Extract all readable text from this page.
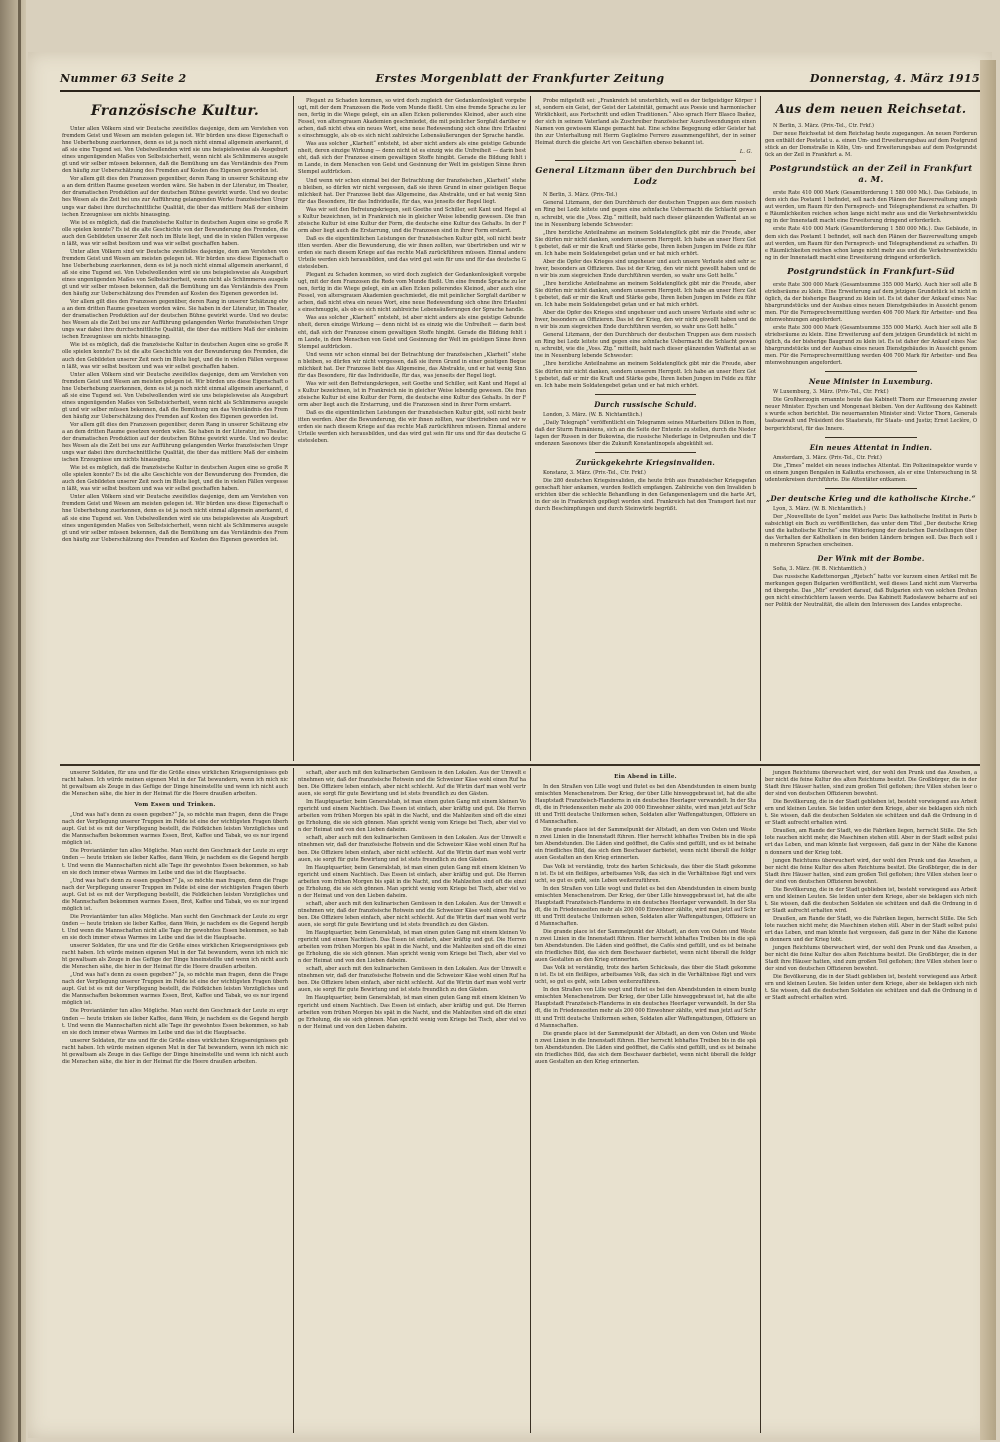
Nummer 63 Seite 2	Erstes Morgenblatt der Frankfurter Zeitung	Donnerstag, 4. März 1915
Französische Kultur.

Unter allen Völkern sind wir Deutsche zweifellos dasjenige, dem am Verstehen von fremdem Geist und Wesen am meisten gelegen ist. Wir bürden uns diese Eigenschaft ohne Ueberhebung zuerkennen, denn es ist ja noch nicht einmal allgemein anerkannt, daß sie eine Tugend sei. Von Uebelwollenden wird sie uns beispielsweise als Ausgeburt eines ungenügenden Maßes von Selbstsicherheit, wenn nicht als Schlimmeres ausgelegt und wir selber müssen bekennen, daß die Bemühung um das Verständnis des Fremden häufig zur Ueberschätzung des Fremden auf Kosten des Eigenen geworden ist.

Vor allem gilt dies den Franzosen gegenüber, deren Rang in unserer Schätzung etwa an dem dritten Raume gesetzen worden wäre. Sie haben in der Literatur, im Theater, der dramatischen Produktion auf der deutschen Bühne gewirkt wurde. Und wo deutsches Wesen als die Zeit bei uns zur Aufführung gelangenden Werke französischen Ursprungs war dabei ihre durchschnittliche Qualität, die über das mittlere Maß der einheimischen Erzeugnisse um nichts hinausging.

Wie ist es möglich, daß die französische Kultur in deutschen Augen eine so große Rolle spielen konnte? Es ist die alte Geschichte von der Bewunderung des Fremden, die auch den Gebildeten unserer Zeit noch im Blute liegt, und die in vielen Fällen vergessen läßt, was wir selbst besitzen und was wir selbst geschaffen haben.

Unter allen Völkern sind wir Deutsche zweifellos dasjenige, dem am Verstehen von fremdem Geist und Wesen am meisten gelegen ist. Wir bürden uns diese Eigenschaft ohne Ueberhebung zuerkennen, denn es ist ja noch nicht einmal allgemein anerkannt, daß sie eine Tugend sei. Von Uebelwollenden wird sie uns beispielsweise als Ausgeburt eines ungenügenden Maßes von Selbstsicherheit, wenn nicht als Schlimmeres ausgelegt und wir selber müssen bekennen, daß die Bemühung um das Verständnis des Fremden häufig zur Ueberschätzung des Fremden auf Kosten des Eigenen geworden ist.

Vor allem gilt dies den Franzosen gegenüber, deren Rang in unserer Schätzung etwa an dem dritten Raume gesetzen worden wäre. Sie haben in der Literatur, im Theater, der dramatischen Produktion auf der deutschen Bühne gewirkt wurde. Und wo deutsches Wesen als die Zeit bei uns zur Aufführung gelangenden Werke französischen Ursprungs war dabei ihre durchschnittliche Qualität, die über das mittlere Maß der einheimischen Erzeugnisse um nichts hinausging.

Wie ist es möglich, daß die französische Kultur in deutschen Augen eine so große Rolle spielen konnte? Es ist die alte Geschichte von der Bewunderung des Fremden, die auch den Gebildeten unserer Zeit noch im Blute liegt, und die in vielen Fällen vergessen läßt, was wir selbst besitzen und was wir selbst geschaffen haben.

Unter allen Völkern sind wir Deutsche zweifellos dasjenige, dem am Verstehen von fremdem Geist und Wesen am meisten gelegen ist. Wir bürden uns diese Eigenschaft ohne Ueberhebung zuerkennen, denn es ist ja noch nicht einmal allgemein anerkannt, daß sie eine Tugend sei. Von Uebelwollenden wird sie uns beispielsweise als Ausgeburt eines ungenügenden Maßes von Selbstsicherheit, wenn nicht als Schlimmeres ausgelegt und wir selber müssen bekennen, daß die Bemühung um das Verständnis des Fremden häufig zur Ueberschätzung des Fremden auf Kosten des Eigenen geworden ist.

Vor allem gilt dies den Franzosen gegenüber, deren Rang in unserer Schätzung etwa an dem dritten Raume gesetzen worden wäre. Sie haben in der Literatur, im Theater, der dramatischen Produktion auf der deutschen Bühne gewirkt wurde. Und wo deutsches Wesen als die Zeit bei uns zur Aufführung gelangenden Werke französischen Ursprungs war dabei ihre durchschnittliche Qualität, die über das mittlere Maß der einheimischen Erzeugnisse um nichts hinausging.

Wie ist es möglich, daß die französische Kultur in deutschen Augen eine so große Rolle spielen konnte? Es ist die alte Geschichte von der Bewunderung des Fremden, die auch den Gebildeten unserer Zeit noch im Blute liegt, und die in vielen Fällen vergessen läßt, was wir selbst besitzen und was wir selbst geschaffen haben.

Unter allen Völkern sind wir Deutsche zweifellos dasjenige, dem am Verstehen von fremdem Geist und Wesen am meisten gelegen ist. Wir bürden uns diese Eigenschaft ohne Ueberhebung zuerkennen, denn es ist ja noch nicht einmal allgemein anerkannt, daß sie eine Tugend sei. Von Uebelwollenden wird sie uns beispielsweise als Ausgeburt eines ungenügenden Maßes von Selbstsicherheit, wenn nicht als Schlimmeres ausgelegt und wir selber müssen bekennen, daß die Bemühung um das Verständnis des Fremden häufig zur Ueberschätzung des Fremden auf Kosten des Eigenen geworden ist.

Plegant zu Schaden kommen, so wird doch zugleich der Gedankenlosigkeit vorgebeugt, mit der dem Franzosen die Rede vom Munde fließt. Um eine fremde Sprache zu lernen, fertig in die Wiege gelegt, ein an allen Ecken polierendes Kleinod, aber auch eine Fessel, von altersgrauen Akademien geschmiedet, die mit peinlicher Sorgfalt darüber wachen, daß nicht etwa ein neues Wort, eine neue Redewendung sich ohne ihre Erlaubnis einschmuggle, als ob es sich nicht zahlreiche Lebensäußerungen der Sprache handle.

Was aus solcher „Klarheit“ entsteht, ist aber nicht anders als eine geistige Gebundenheit, deren einzige Wirkung — denn nicht ist es einzig wie die Unfreiheit — darin besteht, daß sich der Franzose einem gewaltigen Stoffe hingibt. Gerade die Bildung fehlt im Lande, in dem Menschen von Geist und Gesinnung der Welt im geistigen Sinne ihren Stempel aufdrücken.

Und wenn wir schon einmal bei der Betrachtung der französischen „Klarheit“ stehen bleiben, so dürfen wir nicht vergessen, daß sie ihren Grund in einer geistigen Bequemlichkeit hat. Der Franzose liebt das Allgemeine, das Abstrakte, und er hat wenig Sinn für das Besondere, für das Individuelle, für das, was jenseits der Regel liegt.

Was wir seit den Befreiungskriegen, seit Goethe und Schiller, seit Kant und Hegel als Kultur bezeichnen, ist in Frankreich nie in gleicher Weise lebendig gewesen. Die französische Kultur ist eine Kultur der Form, die deutsche eine Kultur des Gehalts. In der Form aber liegt auch die Erstarrung, und die Franzosen sind in ihrer Form erstarrt.

Daß es die eigentümlichen Leistungen der französischen Kultur gibt, soll nicht bestritten werden. Aber die Bewunderung, die wir ihnen zollten, war übertrieben und wir werden sie nach diesem Kriege auf das rechte Maß zurückführen müssen. Einmal andere Urteile werden sich herausbilden, und das wird gut sein für uns und für das deutsche Geistesleben.

Plegant zu Schaden kommen, so wird doch zugleich der Gedankenlosigkeit vorgebeugt, mit der dem Franzosen die Rede vom Munde fließt. Um eine fremde Sprache zu lernen, fertig in die Wiege gelegt, ein an allen Ecken polierendes Kleinod, aber auch eine Fessel, von altersgrauen Akademien geschmiedet, die mit peinlicher Sorgfalt darüber wachen, daß nicht etwa ein neues Wort, eine neue Redewendung sich ohne ihre Erlaubnis einschmuggle, als ob es sich nicht zahlreiche Lebensäußerungen der Sprache handle.

Was aus solcher „Klarheit“ entsteht, ist aber nicht anders als eine geistige Gebundenheit, deren einzige Wirkung — denn nicht ist es einzig wie die Unfreiheit — darin besteht, daß sich der Franzose einem gewaltigen Stoffe hingibt. Gerade die Bildung fehlt im Lande, in dem Menschen von Geist und Gesinnung der Welt im geistigen Sinne ihren Stempel aufdrücken.

Und wenn wir schon einmal bei der Betrachtung der französischen „Klarheit“ stehen bleiben, so dürfen wir nicht vergessen, daß sie ihren Grund in einer geistigen Bequemlichkeit hat. Der Franzose liebt das Allgemeine, das Abstrakte, und er hat wenig Sinn für das Besondere, für das Individuelle, für das, was jenseits der Regel liegt.

Was wir seit den Befreiungskriegen, seit Goethe und Schiller, seit Kant und Hegel als Kultur bezeichnen, ist in Frankreich nie in gleicher Weise lebendig gewesen. Die französische Kultur ist eine Kultur der Form, die deutsche eine Kultur des Gehalts. In der Form aber liegt auch die Erstarrung, und die Franzosen sind in ihrer Form erstarrt.

Daß es die eigentümlichen Leistungen der französischen Kultur gibt, soll nicht bestritten werden. Aber die Bewunderung, die wir ihnen zollten, war übertrieben und wir werden sie nach diesem Kriege auf das rechte Maß zurückführen müssen. Einmal andere Urteile werden sich herausbilden, und das wird gut sein für uns und für das deutsche Geistesleben.

Probe mitgeteilt sei: „Frankreich ist unsterblich, weil es der tiefgeistiger Körper ist, sondern ein Geist, der Geist der Lateinität, gemacht aus Poesie und harmonischer Wirklichkeit, aus Fortschritt und edlen Traditionen.“ Also sprach Herr Blasco Ibañez, der sich in seinem Vaterland als Zuschreiber französischer Ausrufswendungen einen Namen von gewissem Klange gemacht hat. Eine schöne Begegnung edler Geister hat ihn zur Unterhaltung mit Herrn Guglielmo Ferrero zusammengeführt, der in seiner Heimat durch die gleiche Art von Geschäften ebenso bekannt ist.

L. G.

General Litzmann über den Durchbruch bei Lodz

N Berlin, 3. März. (Priv.-Tel.)

General Litzmann, der den Durchbruch der deutschen Truppen aus dem russischen Ring bei Lodz leitete und gegen eine zehnfache Uebermacht die Schlacht gewann, schreibt, wie die „Voss. Ztg.“ mitteilt, bald nach dieser glänzenden Waffentat an seine in Neuenburg lebende Schwester:

„Ihre herzliche Anteilnahme an meinem Soldatenglück gibt mir die Freude, aber Sie dürfen mir nicht danken, sondern unserem Herrgott. Ich habe an unser Herz Gott gebetet, daß er mir die Kraft und Stärke gebe, Ihren lieben Jungen im Felde zu führen. Ich habe mein Soldatengebet getan und er hat mich erhört.

Aber die Opfer des Krieges sind ungeheuer und auch unsere Verluste sind sehr schwer, besonders an Offizieren. Das ist der Krieg, den wir nicht gewollt haben und den wir bis zum siegreichen Ende durchführen werden, so wahr uns Gott helfe.“

„Ihre herzliche Anteilnahme an meinem Soldatenglück gibt mir die Freude, aber Sie dürfen mir nicht danken, sondern unserem Herrgott. Ich habe an unser Herz Gott gebetet, daß er mir die Kraft und Stärke gebe, Ihren lieben Jungen im Felde zu führen. Ich habe mein Soldatengebet getan und er hat mich erhört.

Aber die Opfer des Krieges sind ungeheuer und auch unsere Verluste sind sehr schwer, besonders an Offizieren. Das ist der Krieg, den wir nicht gewollt haben und den wir bis zum siegreichen Ende durchführen werden, so wahr uns Gott helfe.“

General Litzmann, der den Durchbruch der deutschen Truppen aus dem russischen Ring bei Lodz leitete und gegen eine zehnfache Uebermacht die Schlacht gewann, schreibt, wie die „Voss. Ztg.“ mitteilt, bald nach dieser glänzenden Waffentat an seine in Neuenburg lebende Schwester:

„Ihre herzliche Anteilnahme an meinem Soldatenglück gibt mir die Freude, aber Sie dürfen mir nicht danken, sondern unserem Herrgott. Ich habe an unser Herz Gott gebetet, daß er mir die Kraft und Stärke gebe, Ihren lieben Jungen im Felde zu führen. Ich habe mein Soldatengebet getan und er hat mich erhört.

Durch russische Schuld.

London, 3. März. (W. B. Nichtamtlich.)

„Daily Telegraph“ veröffentlicht ein Telegramm seines Mitarbeiters Dillon in Rom, daß der Sturm Rumäniens, sich an die Seite der Entente zu stellen, durch die Niederlagen der Russen in der Bukowina, die russische Niederlage in Ostpreußen und die Tendenzen Sasonows über die Zukunft Konstantinopels abgekühlt sei.

Zurückgekehrte Kriegsinvaliden.

Konstanz, 3. März. (Priv.-Tel., Ctr. Frkf.)

Die 280 deutschen Kriegsinvaliden, die heute früh aus französischer Kriegsgefangenschaft hier ankamen, wurden festlich empfangen. Zahlreiche von den Invaliden berichten über die schlechte Behandlung in den Gefangenenlagern und die harte Art, in der sie in Frankreich gepflegt worden sind. Frankreich hat den Transport fast nur durch Beschimpfungen und durch Steinwürfe begrüßt.

Aus dem neuen Reichsetat.

N Berlin, 3. März. (Priv.-Tel., Ctr. Frkf.)

Der neue Reichsetat ist dem Reichstag heute zugegangen. An neuen Forderungen enthält der Postetat u. a. einen Um- und Erweiterungsbau auf dem Postgrundstück an der Domstraße in Köln, Um- und Erweiterungsbau auf dem Postgrundstück an der Zeil in Frankfurt a. M.

Postgrundstück an der Zeil in Frankfurt a. M.

erste Rate 410 000 Mark (Gesamtforderung 1 580 000 Mk.). Das Gebäude, in dem sich das Postamt 1 befindet, soll nach den Plänen der Bauverwaltung umgebaut werden, um Raum für den Fernsprech- und Telegraphendienst zu schaffen. Die Räumlichkeiten reichen schon lange nicht mehr aus und die Verkehrsentwicklung in der Innenstadt macht eine Erweiterung dringend erforderlich.

erste Rate 410 000 Mark (Gesamtforderung 1 580 000 Mk.). Das Gebäude, in dem sich das Postamt 1 befindet, soll nach den Plänen der Bauverwaltung umgebaut werden, um Raum für den Fernsprech- und Telegraphendienst zu schaffen. Die Räumlichkeiten reichen schon lange nicht mehr aus und die Verkehrsentwicklung in der Innenstadt macht eine Erweiterung dringend erforderlich.

Postgrundstück in Frankfurt-Süd

erste Rate 300 000 Mark (Gesamtsumme 355 000 Mark). Auch hier soll alle Betriebsräume zu klein. Eine Erweiterung auf dem jetzigen Grundstück ist nicht möglich, da der bisherige Baugrund zu klein ist. Es ist daher der Ankauf eines Nachbargrundstücks und der Ausbau eines neuen Dienstgebäudes in Aussicht genommen. Für die Fernsprechvermittlung werden 406 700 Mark für Arbeiter- und Beamtenwohnungen angefordert.

erste Rate 300 000 Mark (Gesamtsumme 355 000 Mark). Auch hier soll alle Betriebsräume zu klein. Eine Erweiterung auf dem jetzigen Grundstück ist nicht möglich, da der bisherige Baugrund zu klein ist. Es ist daher der Ankauf eines Nachbargrundstücks und der Ausbau eines neuen Dienstgebäudes in Aussicht genommen. Für die Fernsprechvermittlung werden 406 700 Mark für Arbeiter- und Beamtenwohnungen angefordert.

Neue Minister in Luxemburg.

W Luxemburg, 3. März. (Priv.-Tel., Ctr. Frkf.)

Die Großherzogin ernannte heute das Kabinett Thorn zur Erneuerung zweier neuer Minister. Eyschen und Mongenast bleiben. Von der Auflösung des Kabinetts wurde schon berichtet. Die neuernannten Minister sind: Victor Thorn, Generalstaatsanwalt und Präsident des Staatsrats, für Staats- und Justiz; Ernst Leclère, Obergerichtsrat, für das Innere.

Ein neues Attentat in Indien.

Amsterdam, 3. März. (Priv.-Tel., Ctr. Frkf.)

Die „Times“ meldet ein neues indisches Attentat. Ein Polizeiinspektor wurde von einem jungen Bengalen in Kalkutta erschossen, als er eine Untersuchung in Studentenkreisen durchführte. Die Attentäter entkamen.

„Der deutsche Krieg und die katholische Kirche.“

Lyon, 3. März. (W. B. Nichtamtlich.)

Der „Nouvelliste de Lyon“ meldet aus Paris: Das katholische Institut in Paris beabsichtigt ein Buch zu veröffentlichen, das unter dem Titel „Der deutsche Krieg und die katholische Kirche“ eine Widerlegung der deutschen Darstellungen über das Verhalten der Katholiken in den beiden Ländern bringen soll. Das Buch soll in mehreren Sprachen erscheinen.

Der Wink mit der Bombe.

Sofia, 3. März. (W. B. Nichtamtlich.)

Das russische Kadettenorgan „Rjetsch“ hatte vor kurzem einen Artikel mit Bemerkungen gegen Bulgarien veröffentlicht, weil dieses Land nicht zum Vierverband übergehe. Das „Mir“ erwidert darauf, daß Bulgarien sich von solchen Drohungen nicht einschüchtern lassen werde. Das Kabinett Radoslawow beharre auf seiner Politik der Neutralität, die allein den Interessen des Landes entspreche.

unserer Soldaten, für uns und für die Größe eines wirklichen Kriegsereignisses gebracht haben. Ich würde meinen eigenen Mut in der Tat bewundern, wenn ich mich nicht gewaltsam als Zeuge in das Gefüge der Dinge hineinstellte und wenn ich nicht auch die Menschen sähe, die hier in der Heimat für die Heere draußen arbeiten.

Vom Essen und Trinken.

„Und was hat's denn zu essen gegeben?“ Ja, so möchte man fragen, denn die Frage nach der Verpflegung unserer Truppen im Felde ist eine der wichtigsten Fragen überhaupt. Gut ist es mit der Verpflegung bestellt, die Feldküchen leisten Vorzügliches und die Mannschaften bekommen warmes Essen, Brot, Kaffee und Tabak, wo es nur irgend möglich ist.

Die Proviantämter tun alles Mögliche. Man sucht den Geschmack der Leute zu ergründen — heute trinken sie lieber Kaffee, dann Wein, je nachdem es die Gegend hergibt. Und wenn die Mannschaften nicht alle Tage ihr gewohntes Essen bekommen, so haben sie doch immer etwas Warmes im Leibe und das ist die Hauptsache.

„Und was hat's denn zu essen gegeben?“ Ja, so möchte man fragen, denn die Frage nach der Verpflegung unserer Truppen im Felde ist eine der wichtigsten Fragen überhaupt. Gut ist es mit der Verpflegung bestellt, die Feldküchen leisten Vorzügliches und die Mannschaften bekommen warmes Essen, Brot, Kaffee und Tabak, wo es nur irgend möglich ist.

Die Proviantämter tun alles Mögliche. Man sucht den Geschmack der Leute zu ergründen — heute trinken sie lieber Kaffee, dann Wein, je nachdem es die Gegend hergibt. Und wenn die Mannschaften nicht alle Tage ihr gewohntes Essen bekommen, so haben sie doch immer etwas Warmes im Leibe und das ist die Hauptsache.

unserer Soldaten, für uns und für die Größe eines wirklichen Kriegsereignisses gebracht haben. Ich würde meinen eigenen Mut in der Tat bewundern, wenn ich mich nicht gewaltsam als Zeuge in das Gefüge der Dinge hineinstellte und wenn ich nicht auch die Menschen sähe, die hier in der Heimat für die Heere draußen arbeiten.

„Und was hat's denn zu essen gegeben?“ Ja, so möchte man fragen, denn die Frage nach der Verpflegung unserer Truppen im Felde ist eine der wichtigsten Fragen überhaupt. Gut ist es mit der Verpflegung bestellt, die Feldküchen leisten Vorzügliches und die Mannschaften bekommen warmes Essen, Brot, Kaffee und Tabak, wo es nur irgend möglich ist.

Die Proviantämter tun alles Mögliche. Man sucht den Geschmack der Leute zu ergründen — heute trinken sie lieber Kaffee, dann Wein, je nachdem es die Gegend hergibt. Und wenn die Mannschaften nicht alle Tage ihr gewohntes Essen bekommen, so haben sie doch immer etwas Warmes im Leibe und das ist die Hauptsache.

unserer Soldaten, für uns und für die Größe eines wirklichen Kriegsereignisses gebracht haben. Ich würde meinen eigenen Mut in der Tat bewundern, wenn ich mich nicht gewaltsam als Zeuge in das Gefüge der Dinge hineinstellte und wenn ich nicht auch die Menschen sähe, die hier in der Heimat für die Heere draußen arbeiten.

schaft, aber auch mit den kulinarischen Genüssen in den Lokalen. Aus der Umwelt entnehmen wir, daß der französische Rotwein und die Schweizer Käse wohl einen Ruf haben. Die Offiziere leben einfach, aber nicht schlecht. Auf die Wirtin darf man wohl vertrauen, sie sorgt für gute Bewirtung und ist stets freundlich zu den Gästen.

Im Hauptquartier, beim Generalstab, ist man einen guten Gang mit einem kleinen Vorgericht und einem Nachtisch. Das Essen ist einfach, aber kräftig und gut. Die Herren arbeiten vom frühen Morgen bis spät in die Nacht, und die Mahlzeiten sind oft die einzige Erholung, die sie sich gönnen. Man spricht wenig vom Kriege bei Tisch, aber viel von der Heimat und von den Lieben daheim.

schaft, aber auch mit den kulinarischen Genüssen in den Lokalen. Aus der Umwelt entnehmen wir, daß der französische Rotwein und die Schweizer Käse wohl einen Ruf haben. Die Offiziere leben einfach, aber nicht schlecht. Auf die Wirtin darf man wohl vertrauen, sie sorgt für gute Bewirtung und ist stets freundlich zu den Gästen.

Im Hauptquartier, beim Generalstab, ist man einen guten Gang mit einem kleinen Vorgericht und einem Nachtisch. Das Essen ist einfach, aber kräftig und gut. Die Herren arbeiten vom frühen Morgen bis spät in die Nacht, und die Mahlzeiten sind oft die einzige Erholung, die sie sich gönnen. Man spricht wenig vom Kriege bei Tisch, aber viel von der Heimat und von den Lieben daheim.

schaft, aber auch mit den kulinarischen Genüssen in den Lokalen. Aus der Umwelt entnehmen wir, daß der französische Rotwein und die Schweizer Käse wohl einen Ruf haben. Die Offiziere leben einfach, aber nicht schlecht. Auf die Wirtin darf man wohl vertrauen, sie sorgt für gute Bewirtung und ist stets freundlich zu den Gästen.

Im Hauptquartier, beim Generalstab, ist man einen guten Gang mit einem kleinen Vorgericht und einem Nachtisch. Das Essen ist einfach, aber kräftig und gut. Die Herren arbeiten vom frühen Morgen bis spät in die Nacht, und die Mahlzeiten sind oft die einzige Erholung, die sie sich gönnen. Man spricht wenig vom Kriege bei Tisch, aber viel von der Heimat und von den Lieben daheim.

schaft, aber auch mit den kulinarischen Genüssen in den Lokalen. Aus der Umwelt entnehmen wir, daß der französische Rotwein und die Schweizer Käse wohl einen Ruf haben. Die Offiziere leben einfach, aber nicht schlecht. Auf die Wirtin darf man wohl vertrauen, sie sorgt für gute Bewirtung und ist stets freundlich zu den Gästen.

Im Hauptquartier, beim Generalstab, ist man einen guten Gang mit einem kleinen Vorgericht und einem Nachtisch. Das Essen ist einfach, aber kräftig und gut. Die Herren arbeiten vom frühen Morgen bis spät in die Nacht, und die Mahlzeiten sind oft die einzige Erholung, die sie sich gönnen. Man spricht wenig vom Kriege bei Tisch, aber viel von der Heimat und von den Lieben daheim.

Ein Abend in Lille.

In den Straßen von Lille wogt und flutet es bei den Abendstunden in einem buntgemischten Menschenstrom. Der Krieg, der über Lille hinweggebraust ist, hat die alte Hauptstadt Französisch-Flanderns in ein deutsches Heerlager verwandelt. In der Stadt, die in Friedenszeiten mehr als 200 000 Einwohner zählte, wird man jetzt auf Schritt und Tritt deutsche Uniformen sehen, Soldaten aller Waffengattungen, Offiziere und Mannschaften.

Die grande place ist der Sammelpunkt der Altstadt, an dem von Osten und Westen zwei Linien in die Innenstadt führen. Hier herrscht lebhaftes Treiben bis in die späten Abendstunden. Die Läden sind geöffnet, die Cafés sind gefüllt, und es ist beinahe ein friedliches Bild, das sich dem Beschauer darbietet, wenn nicht überall die feldgrauen Gestalten an den Krieg erinnerten.

Das Volk ist verständig, trotz des harten Schicksals, das über die Stadt gekommen ist. Es ist ein fleißiges, arbeitsames Volk, das sich in die Verhältnisse fügt und versucht, so gut es geht, sein Leben weiterzuführen.

In den Straßen von Lille wogt und flutet es bei den Abendstunden in einem buntgemischten Menschenstrom. Der Krieg, der über Lille hinweggebraust ist, hat die alte Hauptstadt Französisch-Flanderns in ein deutsches Heerlager verwandelt. In der Stadt, die in Friedenszeiten mehr als 200 000 Einwohner zählte, wird man jetzt auf Schritt und Tritt deutsche Uniformen sehen, Soldaten aller Waffengattungen, Offiziere und Mannschaften.

Die grande place ist der Sammelpunkt der Altstadt, an dem von Osten und Westen zwei Linien in die Innenstadt führen. Hier herrscht lebhaftes Treiben bis in die späten Abendstunden. Die Läden sind geöffnet, die Cafés sind gefüllt, und es ist beinahe ein friedliches Bild, das sich dem Beschauer darbietet, wenn nicht überall die feldgrauen Gestalten an den Krieg erinnerten.

Das Volk ist verständig, trotz des harten Schicksals, das über die Stadt gekommen ist. Es ist ein fleißiges, arbeitsames Volk, das sich in die Verhältnisse fügt und versucht, so gut es geht, sein Leben weiterzuführen.

In den Straßen von Lille wogt und flutet es bei den Abendstunden in einem buntgemischten Menschenstrom. Der Krieg, der über Lille hinweggebraust ist, hat die alte Hauptstadt Französisch-Flanderns in ein deutsches Heerlager verwandelt. In der Stadt, die in Friedenszeiten mehr als 200 000 Einwohner zählte, wird man jetzt auf Schritt und Tritt deutsche Uniformen sehen, Soldaten aller Waffengattungen, Offiziere und Mannschaften.

Die grande place ist der Sammelpunkt der Altstadt, an dem von Osten und Westen zwei Linien in die Innenstadt führen. Hier herrscht lebhaftes Treiben bis in die späten Abendstunden. Die Läden sind geöffnet, die Cafés sind gefüllt, und es ist beinahe ein friedliches Bild, das sich dem Beschauer darbietet, wenn nicht überall die feldgrauen Gestalten an den Krieg erinnerten.

jungen Reichtums überwuchert wird, der wohl den Prunk und das Ansehen, aber nicht die feine Kultur des alten Reichtums besitzt. Die Großbürger, die in der Stadt ihre Häuser hatten, sind zum großen Teil geflohen; ihre Villen stehen leer oder sind von deutschen Offizieren bewohnt.

Die Bevölkerung, die in der Stadt geblieben ist, besteht vorwiegend aus Arbeitern und kleinen Leuten. Sie leiden unter dem Kriege, aber sie beklagen sich nicht. Sie wissen, daß die deutschen Soldaten sie schützen und daß die Ordnung in der Stadt aufrecht erhalten wird.

Draußen, am Rande der Stadt, wo die Fabriken liegen, herrscht Stille. Die Schlote rauchen nicht mehr, die Maschinen stehen still. Aber in der Stadt selbst pulsiert das Leben, und man könnte fast vergessen, daß ganz in der Nähe die Kanonen donnern und der Krieg tobt.

jungen Reichtums überwuchert wird, der wohl den Prunk und das Ansehen, aber nicht die feine Kultur des alten Reichtums besitzt. Die Großbürger, die in der Stadt ihre Häuser hatten, sind zum großen Teil geflohen; ihre Villen stehen leer oder sind von deutschen Offizieren bewohnt.

Die Bevölkerung, die in der Stadt geblieben ist, besteht vorwiegend aus Arbeitern und kleinen Leuten. Sie leiden unter dem Kriege, aber sie beklagen sich nicht. Sie wissen, daß die deutschen Soldaten sie schützen und daß die Ordnung in der Stadt aufrecht erhalten wird.

Draußen, am Rande der Stadt, wo die Fabriken liegen, herrscht Stille. Die Schlote rauchen nicht mehr, die Maschinen stehen still. Aber in der Stadt selbst pulsiert das Leben, und man könnte fast vergessen, daß ganz in der Nähe die Kanonen donnern und der Krieg tobt.

jungen Reichtums überwuchert wird, der wohl den Prunk und das Ansehen, aber nicht die feine Kultur des alten Reichtums besitzt. Die Großbürger, die in der Stadt ihre Häuser hatten, sind zum großen Teil geflohen; ihre Villen stehen leer oder sind von deutschen Offizieren bewohnt.

Die Bevölkerung, die in der Stadt geblieben ist, besteht vorwiegend aus Arbeitern und kleinen Leuten. Sie leiden unter dem Kriege, aber sie beklagen sich nicht. Sie wissen, daß die deutschen Soldaten sie schützen und daß die Ordnung in der Stadt aufrecht erhalten wird.
